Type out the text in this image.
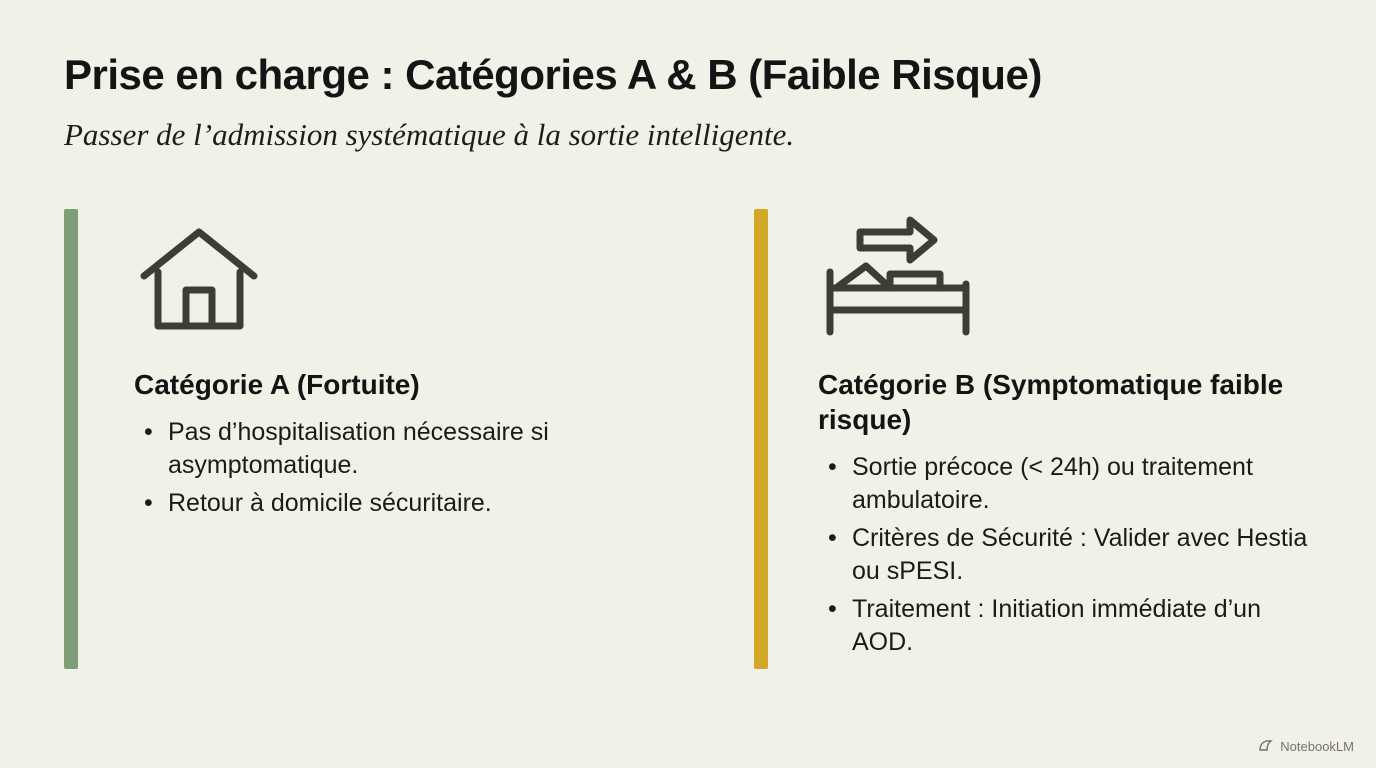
Prise en charge : Catégories A & B (Faible Risque)

Passer de l’admission systématique à la sortie intelligente.

Catégorie A (Fortuite)
• Pas d’hospitalisation nécessaire si asymptomatique.
• Retour à domicile sécuritaire.
Catégorie B (Symptomatique faible risque)
• Sortie précoce (< 24h) ou traitement ambulatoire.
• Critères de Sécurité : Valider avec Hestia ou sPESI.
• Traitement : Initiation immédiate d’un AOD.
NotebookLM
